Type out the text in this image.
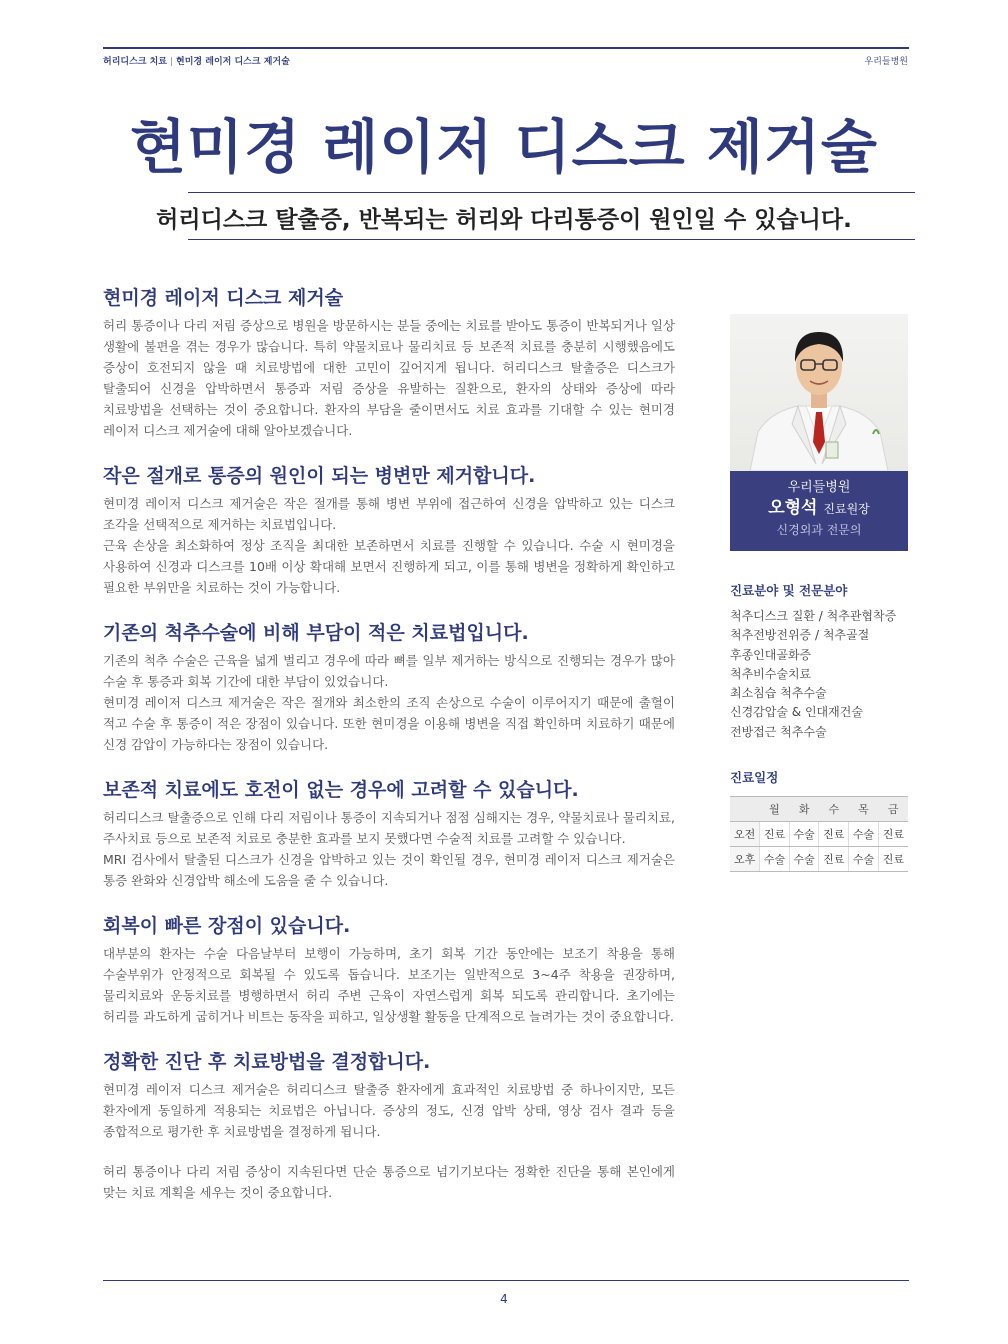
허리디스크 치료 | 현미경 레이저 디스크 제거술	우리들병원
현미경 레이저 디스크 제거술
허리디스크 탈출증, 반복되는 허리와 다리통증이 원인일 수 있습니다.
현미경 레이저 디스크 제거술

허리 통증이나 다리 저림 증상으로 병원을 방문하시는 분들 중에는 치료를 받아도 통증이 반복되거나 일상 생활에 불편을 겪는 경우가 많습니다. 특히 약물치료나 물리치료 등 보존적 치료를 충분히 시행했음에도 증상이 호전되지 않을 때 치료방법에 대한 고민이 깊어지게 됩니다. 허리디스크 탈출증은 디스크가 탈출되어 신경을 압박하면서 통증과 저림 증상을 유발하는 질환으로, 환자의 상태와 증상에 따라 치료방법을 선택하는 것이 중요합니다. 환자의 부담을 줄이면서도 치료 효과를 기대할 수 있는 현미경 레이저 디스크 제거술에 대해 알아보겠습니다.

작은 절개로 통증의 원인이 되는 병변만 제거합니다.

현미경 레이저 디스크 제거술은 작은 절개를 통해 병변 부위에 접근하여 신경을 압박하고 있는 디스크 조각을 선택적으로 제거하는 치료법입니다.

근육 손상을 최소화하여 정상 조직을 최대한 보존하면서 치료를 진행할 수 있습니다. 수술 시 현미경을 사용하여 신경과 디스크를 10배 이상 확대해 보면서 진행하게 되고, 이를 통해 병변을 정확하게 확인하고 필요한 부위만을 치료하는 것이 가능합니다.

기존의 척추수술에 비해 부담이 적은 치료법입니다.

기존의 척추 수술은 근육을 넓게 벌리고 경우에 따라 뼈를 일부 제거하는 방식으로 진행되는 경우가 많아 수술 후 통증과 회복 기간에 대한 부담이 있었습니다.

현미경 레이저 디스크 제거술은 작은 절개와 최소한의 조직 손상으로 수술이 이루어지기 때문에 출혈이 적고 수술 후 통증이 적은 장점이 있습니다. 또한 현미경을 이용해 병변을 직접 확인하며 치료하기 때문에 신경 감압이 가능하다는 장점이 있습니다.

보존적 치료에도 호전이 없는 경우에 고려할 수 있습니다.

허리디스크 탈출증으로 인해 다리 저림이나 통증이 지속되거나 점점 심해지는 경우, 약물치료나 물리치료, 주사치료 등으로 보존적 치료로 충분한 효과를 보지 못했다면 수술적 치료를 고려할 수 있습니다.

MRI 검사에서 탈출된 디스크가 신경을 압박하고 있는 것이 확인될 경우, 현미경 레이저 디스크 제거술은 통증 완화와 신경압박 해소에 도움을 줄 수 있습니다.

회복이 빠른 장점이 있습니다.

대부분의 환자는 수술 다음날부터 보행이 가능하며, 초기 회복 기간 동안에는 보조기 착용을 통해 수술부위가 안정적으로 회복될 수 있도록 돕습니다. 보조기는 일반적으로 3~4주 착용을 권장하며, 물리치료와 운동치료를 병행하면서 허리 주변 근육이 자연스럽게 회복 되도록 관리합니다. 초기에는 허리를 과도하게 굽히거나 비트는 동작을 피하고, 일상생활 활동을 단계적으로 늘려가는 것이 중요합니다.

정확한 진단 후 치료방법을 결정합니다.

현미경 레이저 디스크 제거술은 허리디스크 탈출증 환자에게 효과적인 치료방법 중 하나이지만, 모든 환자에게 동일하게 적용되는 치료법은 아닙니다. 증상의 정도, 신경 압박 상태, 영상 검사 결과 등을 종합적으로 평가한 후 치료방법을 결정하게 됩니다.

허리 통증이나 다리 저림 증상이 지속된다면 단순 통증으로 넘기기보다는 정확한 진단을 통해 본인에게 맞는 치료 계획을 세우는 것이 중요합니다.

우리들병원
오형석 진료원장
신경외과 전문의
진료분야 및 전문분야
척추디스크 질환 / 척추관협착증
척추전방전위증 / 척추골절
후종인대골화증
척추비수술치료
최소침습 척추수술
신경감압술 & 인대재건술
전방접근 척추수술
진료일정
	월	화	수	목	금
오전	진료	수술	진료	수술	진료
오후	수술	수술	진료	수술	진료
4
